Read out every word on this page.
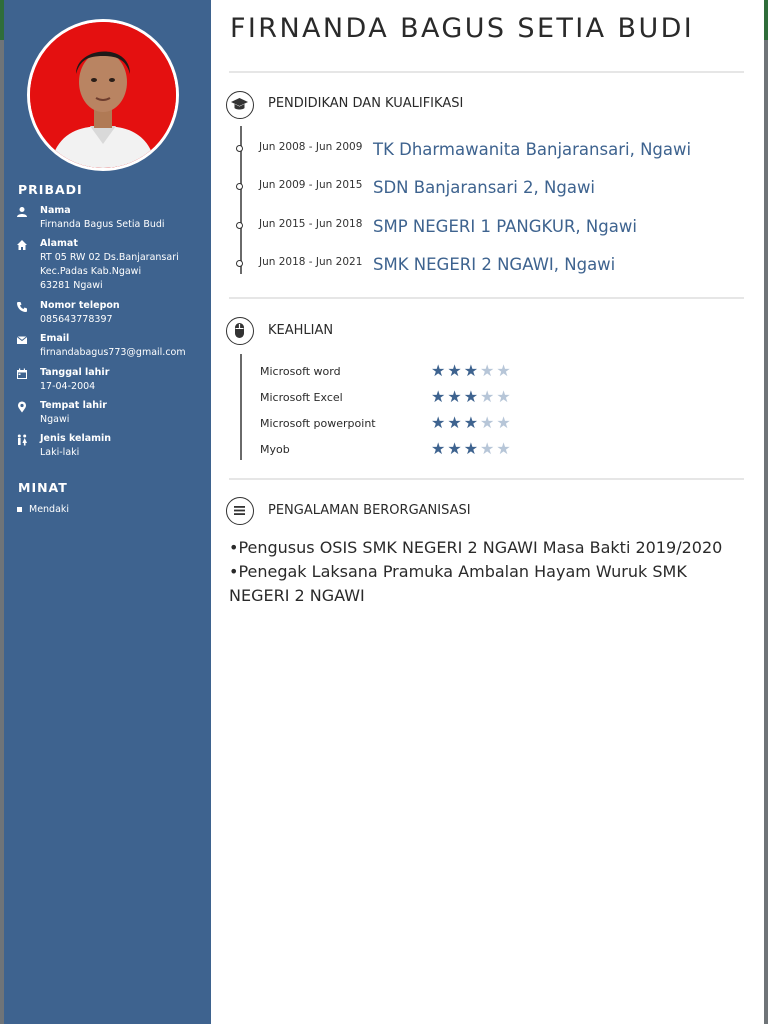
PRIBADI
Nama
Firnanda Bagus Setia Budi
Alamat
RT 05 RW 02 Ds.Banjaransari
Kec.Padas Kab.Ngawi
63281 Ngawi
Nomor telepon
085643778397
Email
firnandabagus773@gmail.com
Tanggal lahir
17-04-2004
Tempat lahir
Ngawi
Jenis kelamin
Laki-laki
MINAT
Mendaki
FIRNANDA BAGUS SETIA BUDI
PENDIDIKAN DAN KUALIFIKASI
Jun 2008 - Jun 2009 TK Dharmawanita Banjaransari, Ngawi
Jun 2009 - Jun 2015 SDN Banjaransari 2, Ngawi
Jun 2015 - Jun 2018 SMP NEGERI 1 PANGKUR, Ngawi
Jun 2018 - Jun 2021 SMK NEGERI 2 NGAWI, Ngawi
KEAHLIAN
Microsoft word	★★★★★
Microsoft Excel	★★★★★
Microsoft powerpoint	★★★★★
Myob	★★★★★
PENGALAMAN BERORGANISASI
•Pengusus OSIS SMK NEGERI 2 NGAWI Masa Bakti 2019/2020
•Penegak Laksana Pramuka Ambalan Hayam Wuruk SMK NEGERI 2 NGAWI
